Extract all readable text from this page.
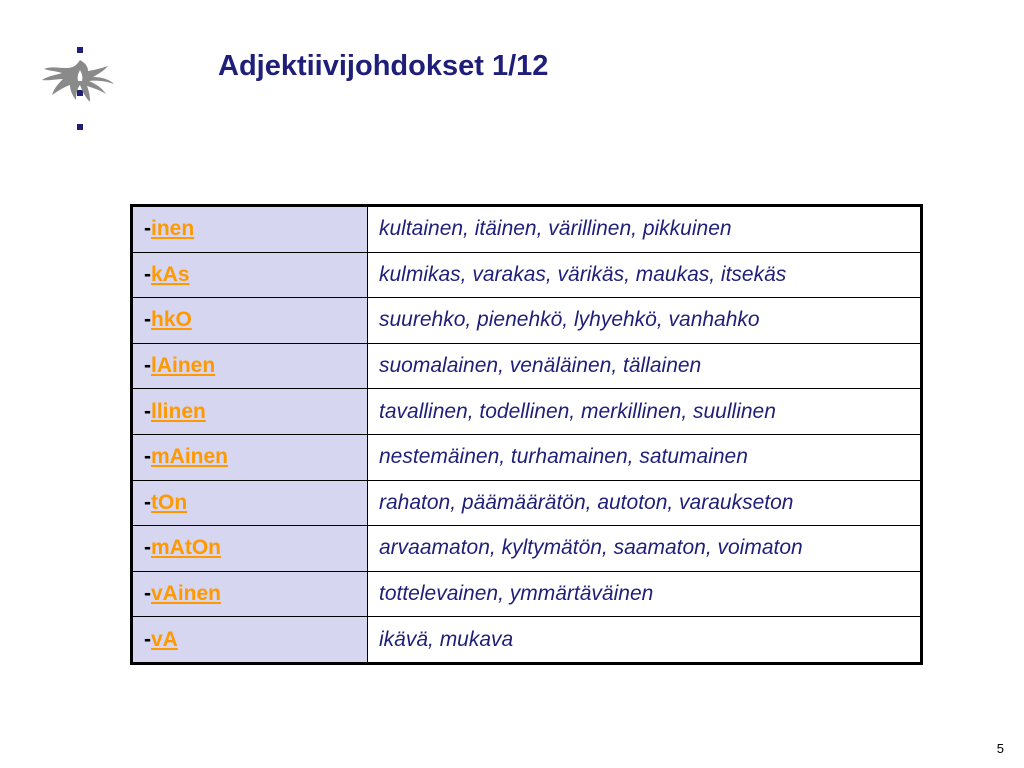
Adjektiivijohdokset 1/12
-inen	kultainen, itäinen, värillinen, pikkuinen
-kAs	kulmikas, varakas, värikäs, maukas, itsekäs
-hkO	suurehko, pienehkö, lyhyehkö, vanhahko
-lAinen	suomalainen, venäläinen, tällainen
-llinen	tavallinen, todellinen, merkillinen, suullinen
-mAinen	nestemäinen, turhamainen, satumainen
-tOn	rahaton, päämäärätön, autoton, varaukseton
-mAtOn	arvaamaton, kyltymätön, saamaton, voimaton
-vAinen	tottelevainen, ymmärtäväinen
-vA	ikävä, mukava
5
